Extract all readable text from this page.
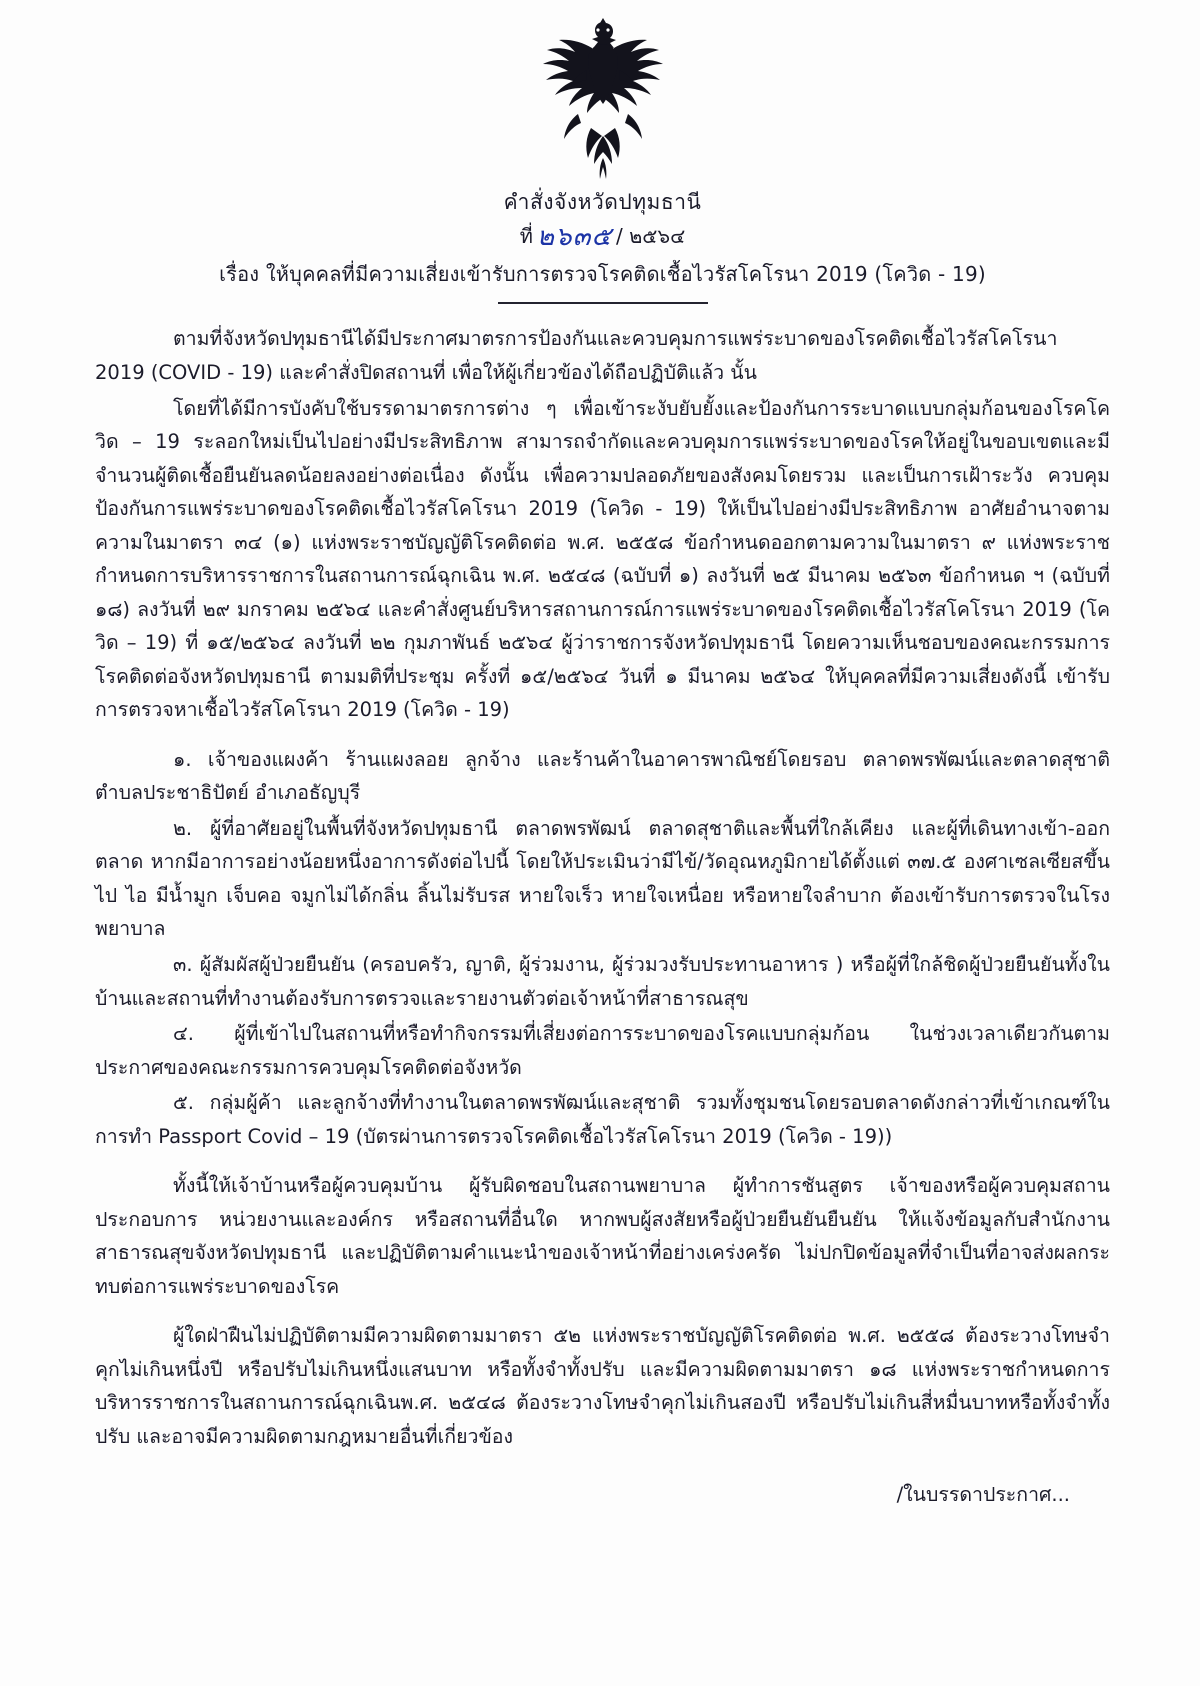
คำสั่งจังหวัดปทุมธานี
ที่ ๒๖๓๕ / ๒๕๖๔
เรื่อง ให้บุคคลที่มีความเสี่ยงเข้ารับการตรวจโรคติดเชื้อไวรัสโคโรนา 2019 (โควิด - 19)

ตามที่จังหวัดปทุมธานีได้มีประกาศมาตรการป้องกันและควบคุมการแพร่ระบาดของโรคติดเชื้อไวรัสโคโรนา 2019 (COVID - 19) และคำสั่งปิดสถานที่ เพื่อให้ผู้เกี่ยวข้องได้ถือปฏิบัติแล้ว นั้น

โดยที่ได้มีการบังคับใช้บรรดามาตรการต่าง ๆ เพื่อเข้าระงับยับยั้งและป้องกันการระบาดแบบกลุ่มก้อนของโรคโควิด – 19 ระลอกใหม่เป็นไปอย่างมีประสิทธิภาพ สามารถจำกัดและควบคุมการแพร่ระบาดของโรคให้อยู่ในขอบเขตและมีจำนวนผู้ติดเชื้อยืนยันลดน้อยลงอย่างต่อเนื่อง ดังนั้น เพื่อความปลอดภัยของสังคมโดยรวม และเป็นการเฝ้าระวัง ควบคุม ป้องกันการแพร่ระบาดของโรคติดเชื้อไวรัสโคโรนา 2019 (โควิด - 19) ให้เป็นไปอย่างมีประสิทธิภาพ อาศัยอำนาจตามความในมาตรา ๓๔ (๑) แห่งพระราชบัญญัติโรคติดต่อ พ.ศ. ๒๕๕๘ ข้อกำหนดออกตามความในมาตรา ๙ แห่งพระราชกำหนดการบริหารราชการในสถานการณ์ฉุกเฉิน พ.ศ. ๒๕๔๘ (ฉบับที่ ๑) ลงวันที่ ๒๕ มีนาคม ๒๕๖๓ ข้อกำหนด ฯ (ฉบับที่ ๑๘) ลงวันที่ ๒๙ มกราคม ๒๕๖๔ และคำสั่งศูนย์บริหารสถานการณ์การแพร่ระบาดของโรคติดเชื้อไวรัสโคโรนา 2019 (โควิด – 19) ที่ ๑๕/๒๕๖๔ ลงวันที่ ๒๒ กุมภาพันธ์ ๒๕๖๔ ผู้ว่าราชการจังหวัดปทุมธานี โดยความเห็นชอบของคณะกรรมการโรคติดต่อจังหวัดปทุมธานี ตามมติที่ประชุม ครั้งที่ ๑๕/๒๕๖๔ วันที่ ๑ มีนาคม ๒๕๖๔ ให้บุคคลที่มีความเสี่ยงดังนี้ เข้ารับการตรวจหาเชื้อไวรัสโคโรนา 2019 (โควิด - 19)

๑. เจ้าของแผงค้า ร้านแผงลอย ลูกจ้าง และร้านค้าในอาคารพาณิชย์โดยรอบ ตลาดพรพัฒน์และตลาดสุชาติ ตำบลประชาธิปัตย์ อำเภอธัญบุรี

๒. ผู้ที่อาศัยอยู่ในพื้นที่จังหวัดปทุมธานี ตลาดพรพัฒน์ ตลาดสุชาติและพื้นที่ใกล้เคียง และผู้ที่เดินทางเข้า-ออกตลาด หากมีอาการอย่างน้อยหนึ่งอาการดังต่อไปนี้ โดยให้ประเมินว่ามีไข้/วัดอุณหภูมิกายได้ตั้งแต่ ๓๗.๕ องศาเซลเซียสขึ้นไป ไอ มีน้ำมูก เจ็บคอ จมูกไม่ได้กลิ่น ลิ้นไม่รับรส หายใจเร็ว หายใจเหนื่อย หรือหายใจลำบาก ต้องเข้ารับการตรวจในโรงพยาบาล

๓. ผู้สัมผัสผู้ป่วยยืนยัน (ครอบครัว, ญาติ, ผู้ร่วมงาน, ผู้ร่วมวงรับประทานอาหาร ) หรือผู้ที่ใกล้ชิดผู้ป่วยยืนยันทั้งในบ้านและสถานที่ทำงานต้องรับการตรวจและรายงานตัวต่อเจ้าหน้าที่สาธารณสุข

๔. ผู้ที่เข้าไปในสถานที่หรือทำกิจกรรมที่เสี่ยงต่อการระบาดของโรคแบบกลุ่มก้อน ในช่วงเวลาเดียวกันตามประกาศของคณะกรรมการควบคุมโรคติดต่อจังหวัด

๕. กลุ่มผู้ค้า และลูกจ้างที่ทำงานในตลาดพรพัฒน์และสุชาติ รวมทั้งชุมชนโดยรอบตลาดดังกล่าวที่เข้าเกณฑ์ในการทำ Passport Covid – 19 (บัตรผ่านการตรวจโรคติดเชื้อไวรัสโคโรนา 2019 (โควิด - 19))

ทั้งนี้ให้เจ้าบ้านหรือผู้ควบคุมบ้าน ผู้รับผิดชอบในสถานพยาบาล ผู้ทำการชันสูตร เจ้าของหรือผู้ควบคุมสถานประกอบการ หน่วยงานและองค์กร หรือสถานที่อื่นใด หากพบผู้สงสัยหรือผู้ป่วยยืนยันยืนยัน ให้แจ้งข้อมูลกับสำนักงานสาธารณสุขจังหวัดปทุมธานี และปฏิบัติตามคำแนะนำของเจ้าหน้าที่อย่างเคร่งครัด ไม่ปกปิดข้อมูลที่จำเป็นที่อาจส่งผลกระทบต่อการแพร่ระบาดของโรค

ผู้ใดฝ่าฝืนไม่ปฏิบัติตามมีความผิดตามมาตรา ๕๒ แห่งพระราชบัญญัติโรคติดต่อ พ.ศ. ๒๕๕๘ ต้องระวางโทษจำคุกไม่เกินหนึ่งปี หรือปรับไม่เกินหนึ่งแสนบาท หรือทั้งจำทั้งปรับ และมีความผิดตามมาตรา ๑๘ แห่งพระราชกำหนดการบริหารราชการในสถานการณ์ฉุกเฉินพ.ศ. ๒๕๔๘ ต้องระวางโทษจำคุกไม่เกินสองปี หรือปรับไม่เกินสี่หมื่นบาทหรือทั้งจำทั้งปรับ และอาจมีความผิดตามกฎหมายอื่นที่เกี่ยวข้อง

/ในบรรดาประกาศ...
